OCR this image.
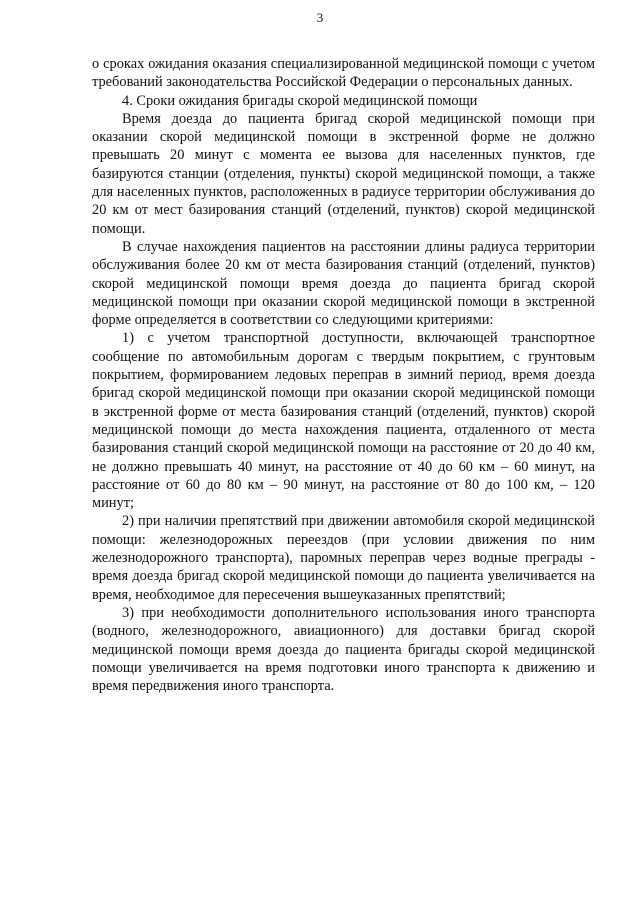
3

о сроках ожидания оказания специализированной медицинской помощи с учетом требований законодательства Российской Федерации о персональных данных.

4. Сроки ожидания бригады скорой медицинской помощи

Время доезда до пациента бригад скорой медицинской помощи при оказании скорой медицинской помощи в экстренной форме не должно превышать 20 минут с момента ее вызова для населенных пунктов, где базируются станции (отделения, пункты) скорой медицинской помощи, а также для населенных пунктов, расположенных в радиусе территории обслуживания до 20 км от мест базирования станций (отделений, пунктов) скорой медицинской помощи.

В случае нахождения пациентов на расстоянии длины радиуса территории обслуживания более 20 км от места базирования станций (отделений, пунктов) скорой медицинской помощи время доезда до пациента бригад скорой медицинской помощи при оказании скорой медицинской помощи в экстренной форме определяется в соответствии со следующими критериями:

1) с учетом транспортной доступности, включающей транспортное сообщение по автомобильным дорогам с твердым покрытием, с грунтовым покрытием, формированием ледовых переправ в зимний период, время доезда бригад скорой медицинской помощи при оказании скорой медицинской помощи в экстренной форме от места базирования станций (отделений, пунктов) скорой медицинской помощи до места нахождения пациента, отдаленного от места базирования станций скорой медицинской помощи на расстояние от 20 до 40 км, не должно превышать 40 минут, на расстояние от 40 до 60 км – 60 минут, на расстояние от 60 до 80 км – 90 минут, на расстояние от 80 до 100 км, – 120 минут;

2) при наличии препятствий при движении автомобиля скорой медицинской помощи: железнодорожных переездов (при условии движения по ним железнодорожного транспорта), паромных переправ через водные преграды - время доезда бригад скорой медицинской помощи до пациента увеличивается на время, необходимое для пересечения вышеуказанных препятствий;

3) при необходимости дополнительного использования иного транспорта (водного, железнодорожного, авиационного) для доставки бригад скорой медицинской помощи время доезда до пациента бригады скорой медицинской помощи увеличивается на время подготовки иного транспорта к движению и время передвижения иного транспорта.
